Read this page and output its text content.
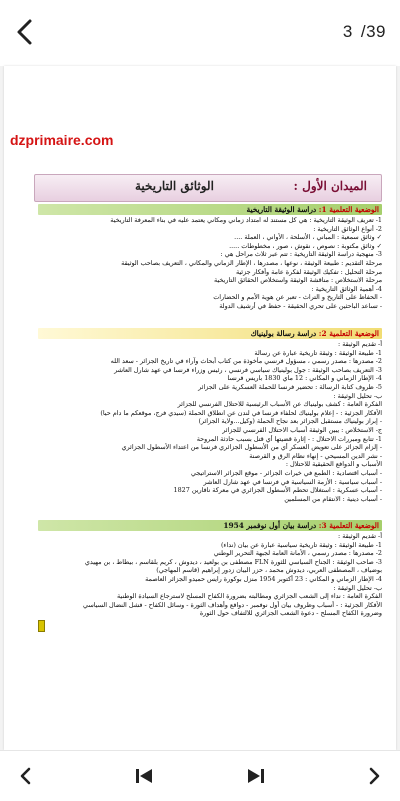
3 /39
dzprimaire.com
الميدان الأول :
الوثائق التاريخية
الوضعية التعلمية 1: دراسة الوثيقة التاريخية
1- تعريف الوثيقة التاريخية : هي كل مستند له امتداد زماني ومكاني يعتمد عليه في بناء المعرفة التاريخية
2- أنواع الوثائق التاريخية :
✓ وثائق سمعية : المباني ، الأسلحة ، الأواني ، العملة ....
✓ وثائق مكتوبة : نصوص ، نقوش ، صور ، مخطوطات .....
3- منهجية دراسة الوثيقة التاريخية : تتم عبر ثلاث مراحل هي :
مرحلة التقديم : طبيعة الوثيقة ، نوعها ، مصدرها ، الإطار الزماني والمكاني ، التعريف بصاحب الوثيقة
مرحلة التحليل : تفكيك الوثيقة لفكرة عامة وأفكار جزئية
مرحلة الاستخلاص : مناقشة الوثيقة واستخلاص الحقائق التاريخية
4- أهمية الوثائق التاريخية :
- الحفاظ على التاريخ و التراث - تعبر عن هوية الأمم و الحضارات
- تساعد الباحثين على تحري الحقيقة - حفظ في أرشيف الدولة
الوضعية التعلمية 2: دراسة رسالة بولينياك
أ- تقديم الوثيقة :
1- طبيعة الوثيقة : وثيقة تاريخية عبارة عن رسالة
2- مصدرها : مصدر رسمي ، مسؤول فرنسي مأخوذة من كتاب أبحاث وآراء في تاريخ الجزائر - سعد الله
3- التعريف بصاحب الوثيقة : جول بولينياك سياسي فرنسي ، رئيس وزراء فرنسا في عهد شارل العاشر
4- الإطار الزماني و المكاني : 12 ماي 1830 باريس فرنسا
5- ظروف كتابة الرسالة : تحضير فرنسا للحملة العسكرية على الجزائر
ب- تحليل الوثيقة :
الفكرة العامة : كشف بولينياك عن الأسباب الرئيسية للاحتلال الفرنسي للجزائر
الأفكار الجزئية : - إعلام بولينياك لحلفاء فرنسا في لندن عن انطلاق الحملة (سيدي فرج، موقعكم ما دام حيا)
- إبراز بولينياك مستقبل الجزائر بعد نجاح الحملة (وكيل...ولاية الجزائر)
ج- الاستخلاص : يبين الوثيقة أسباب الاحتلال الفرنسي للجزائر
1- تتابع ومبررات الاحتلال : - إثارة قضيتها أي قتل بسبب حادثة المروحة
- إلزام الجزائر على تعويض العسكر أي من الأسطول الجزائري فرنسا من اعتداء الأسطول الجزائري
- نشر الدين المسيحي - إنهاء نظام الرق و القرصنة
الأسباب و الدوافع الحقيقية للاحتلال :
- أسباب اقتصادية : الطمع في خيرات الجزائر - موقع الجزائر الاستراتيجي
- أسباب سياسية : الأزمة السياسية في فرنسا في عهد شارل العاشر
- أسباب عسكرية : استغلال تحطم الأسطول الجزائري في معركة نافارين 1827
- أسباب دينية : الانتقام من المسلمين
الوضعية التعلمية 3: دراسة بيان أول نوفمبر 1954
أ- تقديم الوثيقة :
1- طبيعة الوثيقة : وثيقة تاريخية سياسية عبارة عن بيان (نداء)
2- مصدرها : مصدر رسمي ، الأمانة العامة لجبهة التحرير الوطني
3- صاحب الوثيقة : الجناح السياسي للثورة FLN مصطفى بن بولعيد ، ديدوش ، كريم بلقاسم ، بيطاط ، بن مهيدي
بوضياف ، المصطفى العربي، ديدوش محمد ، حزر البيان زدور إبراهيم (قاسم المهاجي)
4- الإطار الزماني و المكاني : 23 أكتوبر 1954 منزل بوكورة رايس حميدو الجزائر العاصمة
ب- تحليل الوثيقة :
الفكرة العامة : نداء إلى الشعب الجزائري ومطالبته بضرورة الكفاح المسلح لاسترجاع السيادة الوطنية
الأفكار الجزئية : - أسباب وظروف بيان أول نوفمبر - دوافع وأهداف الثورة - وسائل الكفاح - فشل النضال السياسي
وضرورة الكفاح المسلح - دعوة الشعب الجزائري للالتفاف حول الثورة
